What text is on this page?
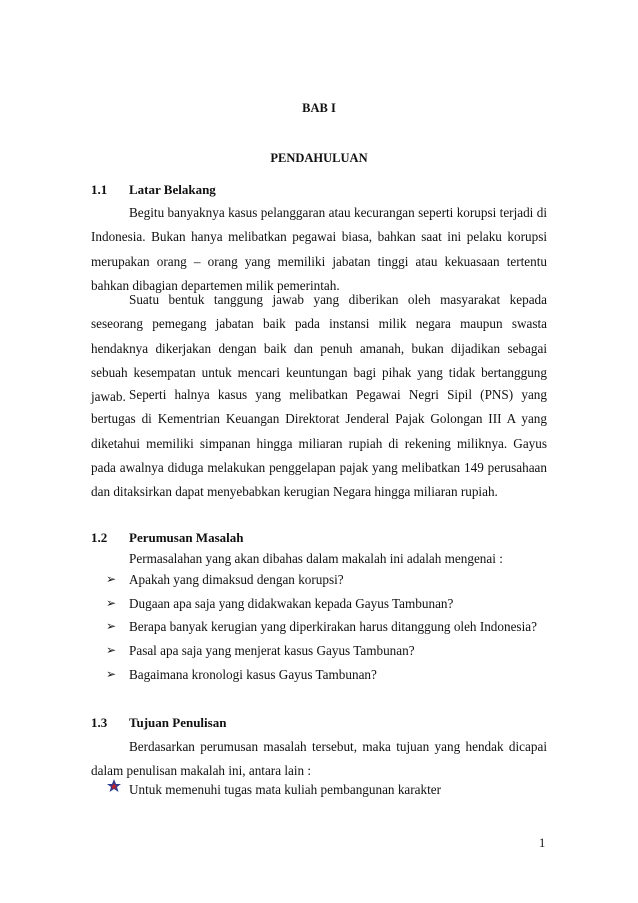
BAB I
PENDAHULUAN
1.1 Latar Belakang
Begitu banyaknya kasus pelanggaran atau kecurangan seperti korupsi terjadi di Indonesia. Bukan hanya melibatkan pegawai biasa, bahkan saat ini pelaku korupsi merupakan orang – orang yang memiliki jabatan tinggi atau kekuasaan tertentu bahkan dibagian departemen milik pemerintah.
Suatu bentuk tanggung jawab yang diberikan oleh masyarakat kepada seseorang pemegang jabatan baik pada instansi milik negara maupun swasta hendaknya dikerjakan dengan baik dan penuh amanah, bukan dijadikan sebagai sebuah kesempatan untuk mencari keuntungan bagi pihak yang tidak bertanggung jawab. Seperti halnya kasus yang melibatkan Pegawai Negri Sipil (PNS) yang bertugas di Kementrian Keuangan Direktorat Jenderal Pajak Golongan III A yang diketahui memiliki simpanan hingga miliaran rupiah di rekening miliknya. Gayus pada awalnya diduga melakukan penggelapan pajak yang melibatkan 149 perusahaan dan ditaksirkan dapat menyebabkan kerugian Negara hingga miliaran rupiah.
1.2 Perumusan Masalah
Permasalahan yang akan dibahas dalam makalah ini adalah mengenai :
➢ Apakah yang dimaksud dengan korupsi?
➢ Dugaan apa saja yang didakwakan kepada Gayus Tambunan?
➢ Berapa banyak kerugian yang diperkirakan harus ditanggung oleh Indonesia?
➢ Pasal apa saja yang menjerat kasus Gayus Tambunan?
➢ Bagaimana kronologi kasus Gayus Tambunan?
1.3 Tujuan Penulisan
Berdasarkan perumusan masalah tersebut, maka tujuan yang hendak dicapai dalam penulisan makalah ini, antara lain :
Untuk memenuhi tugas mata kuliah pembangunan karakter
1
